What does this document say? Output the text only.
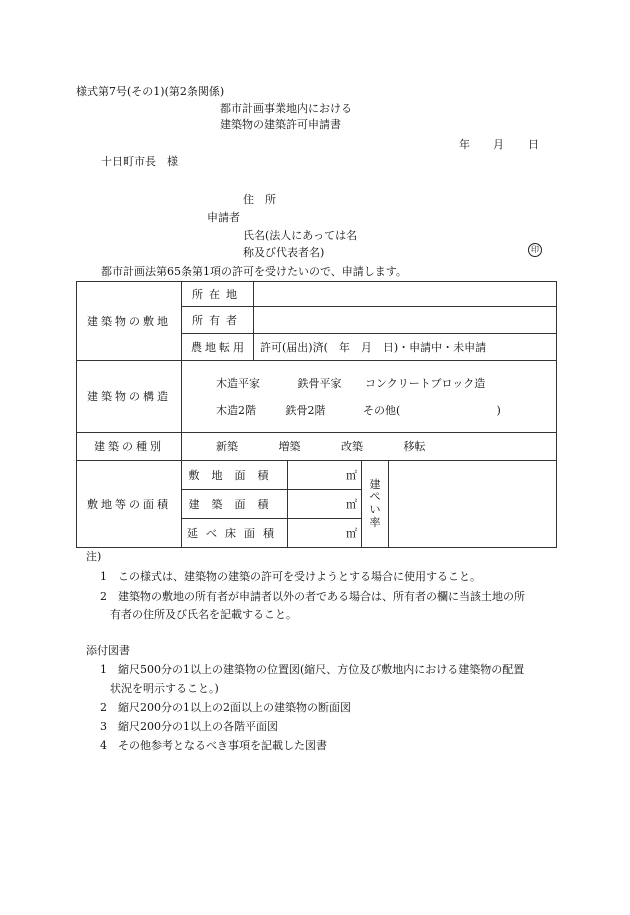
様式第7号(その1)(第2条関係)
都市計画事業地内における
建築物の建築許可申請書
年 月 日
十日町市長　様
住　所
申請者
氏名(法人にあっては名
称及び代表者名)	印
都市計画法第65条第1項の許可を受けたいので、申請します。
建築物の敷地	所在地				
	所有者				
	農地転用	許可(届出)済(　年　月　日)・申請中・未申請			
建築物の構造	木造平家 鉄骨平家 コンクリートブロック造
木造2階 鉄骨2階 その他( )				

建築の種別	新築 増築 改築 移転				

敷地等の面積	敷地面積		㎡	建ぺい率	

	建築面積		㎡		
	延べ床面積		㎡		
注)
1　この様式は、建築物の建築の許可を受けようとする場合に使用すること。
2　建築物の敷地の所有者が申請者以外の者である場合は、所有者の欄に当該土地の所
有者の住所及び氏名を記載すること。
添付図書
1　縮尺500分の1以上の建築物の位置図(縮尺、方位及び敷地内における建築物の配置
状況を明示すること。)
2　縮尺200分の1以上の2面以上の建築物の断面図
3　縮尺200分の1以上の各階平面図
4　その他参考となるべき事項を記載した図書
